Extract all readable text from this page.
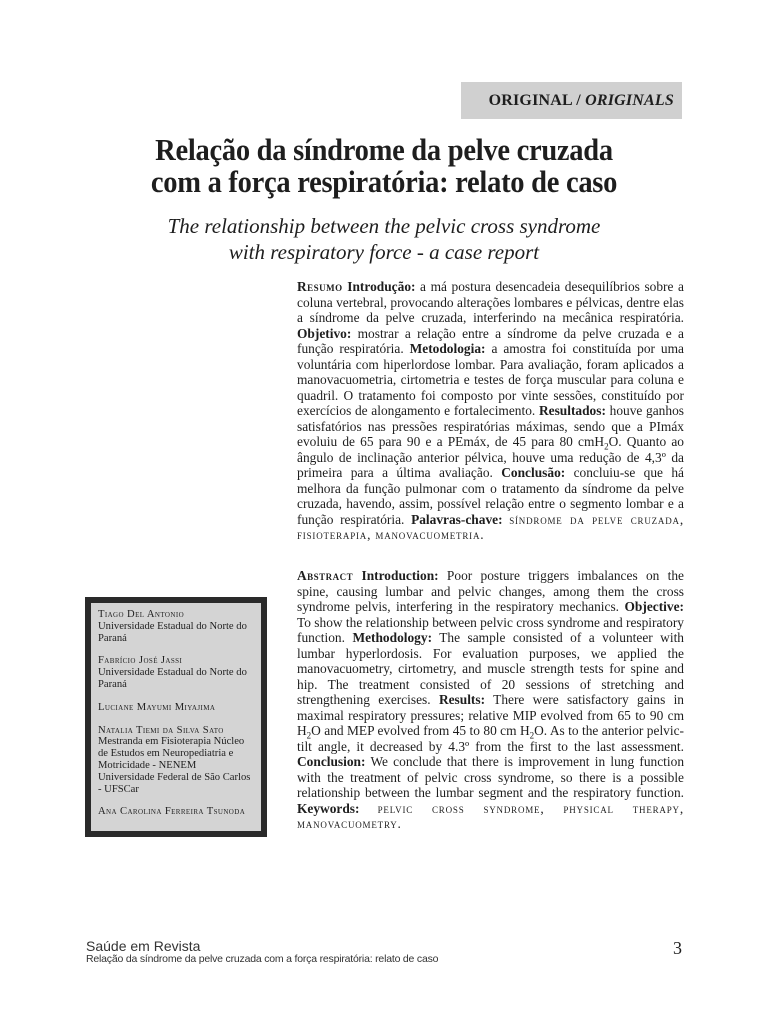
ORIGINAL /
ORIGINALS
Relação da síndrome da pelve cruzada
com a força respiratória: relato de caso
The relationship between the pelvic cross syndrome
with respiratory force - a case report

Resumo Introdução: a má postura desencadeia desequilíbrios sobre a coluna vertebral, provocando alterações lombares e pélvicas, dentre elas a síndrome da pelve cruzada, interferindo na mecânica respiratória. Objetivo: mostrar a relação entre a síndrome da pelve cruzada e a função respiratória. Metodologia: a amostra foi constituída por uma voluntária com hiperlordose lombar. Para avaliação, foram aplicados a manovacuometria, cirtometria e testes de força muscular para coluna e quadril. O tratamento foi composto por vinte sessões, constituído por exercícios de alongamento e fortalecimento. Resultados: houve ganhos satisfatórios nas pressões respiratórias máximas, sendo que a PImáx evoluiu de 65 para 90 e a PEmáx, de 45 para 80 cmH$_2$O. Quanto ao ângulo de inclinação anterior pélvica, houve uma redução de 4,3º da primeira para a última avaliação. Conclusão: concluiu-se que há melhora da função pulmonar com o tratamento da síndrome da pelve cruzada, havendo, assim, possível relação entre o segmento lombar e a função respiratória. Palavras-chave: síndrome da pelve cruzada, fisioterapia, manovacuometria.

Abstract Introduction: Poor posture triggers imbalances on the spine, causing lumbar and pelvic changes, among them the cross syndrome pelvis, interfering in the respiratory mechanics. Objective: To show the relationship between pelvic cross syndrome and respiratory function. Methodology: The sample consisted of a volunteer with lumbar hyperlordosis. For evaluation purposes, we applied the manovacuometry, cirtometry, and muscle strength tests for spine and hip. The treatment consisted of 20 sessions of stretching and strengthening exercises. Results: There were satisfactory gains in maximal respiratory pressures; relative MIP evolved from 65 to 90 cm $H_2O$ and MEP evolved from 45 to 80 cm $H_2O$. As to the anterior pelvic-tilt angle, it decreased by 4.3º from the first to the last assessment. Conclusion: We conclude that there is improvement in lung function with the treatment of pelvic cross syndrome, so there is a possible relationship between the lumbar segment and the respiratory function. Keywords: pelvic cross syndrome, physical therapy, manovacuometry.

Tiago Del Antonio
Universidade Estadual do Norte do Paraná
Fabrício José Jassi
Universidade Estadual do Norte do Paraná
Luciane Mayumi Miyajima
Natalia Tiemi da Silva Sato
Mestranda em Fisioterapia Núcleo de Estudos em Neuropediatria e Motricidade - NENEM Universidade Federal de São Carlos - UFSCar
Ana Carolina Ferreira Tsunoda
Saúde em Revista
Relação da síndrome da pelve cruzada com a força respiratória: relato de caso
3
